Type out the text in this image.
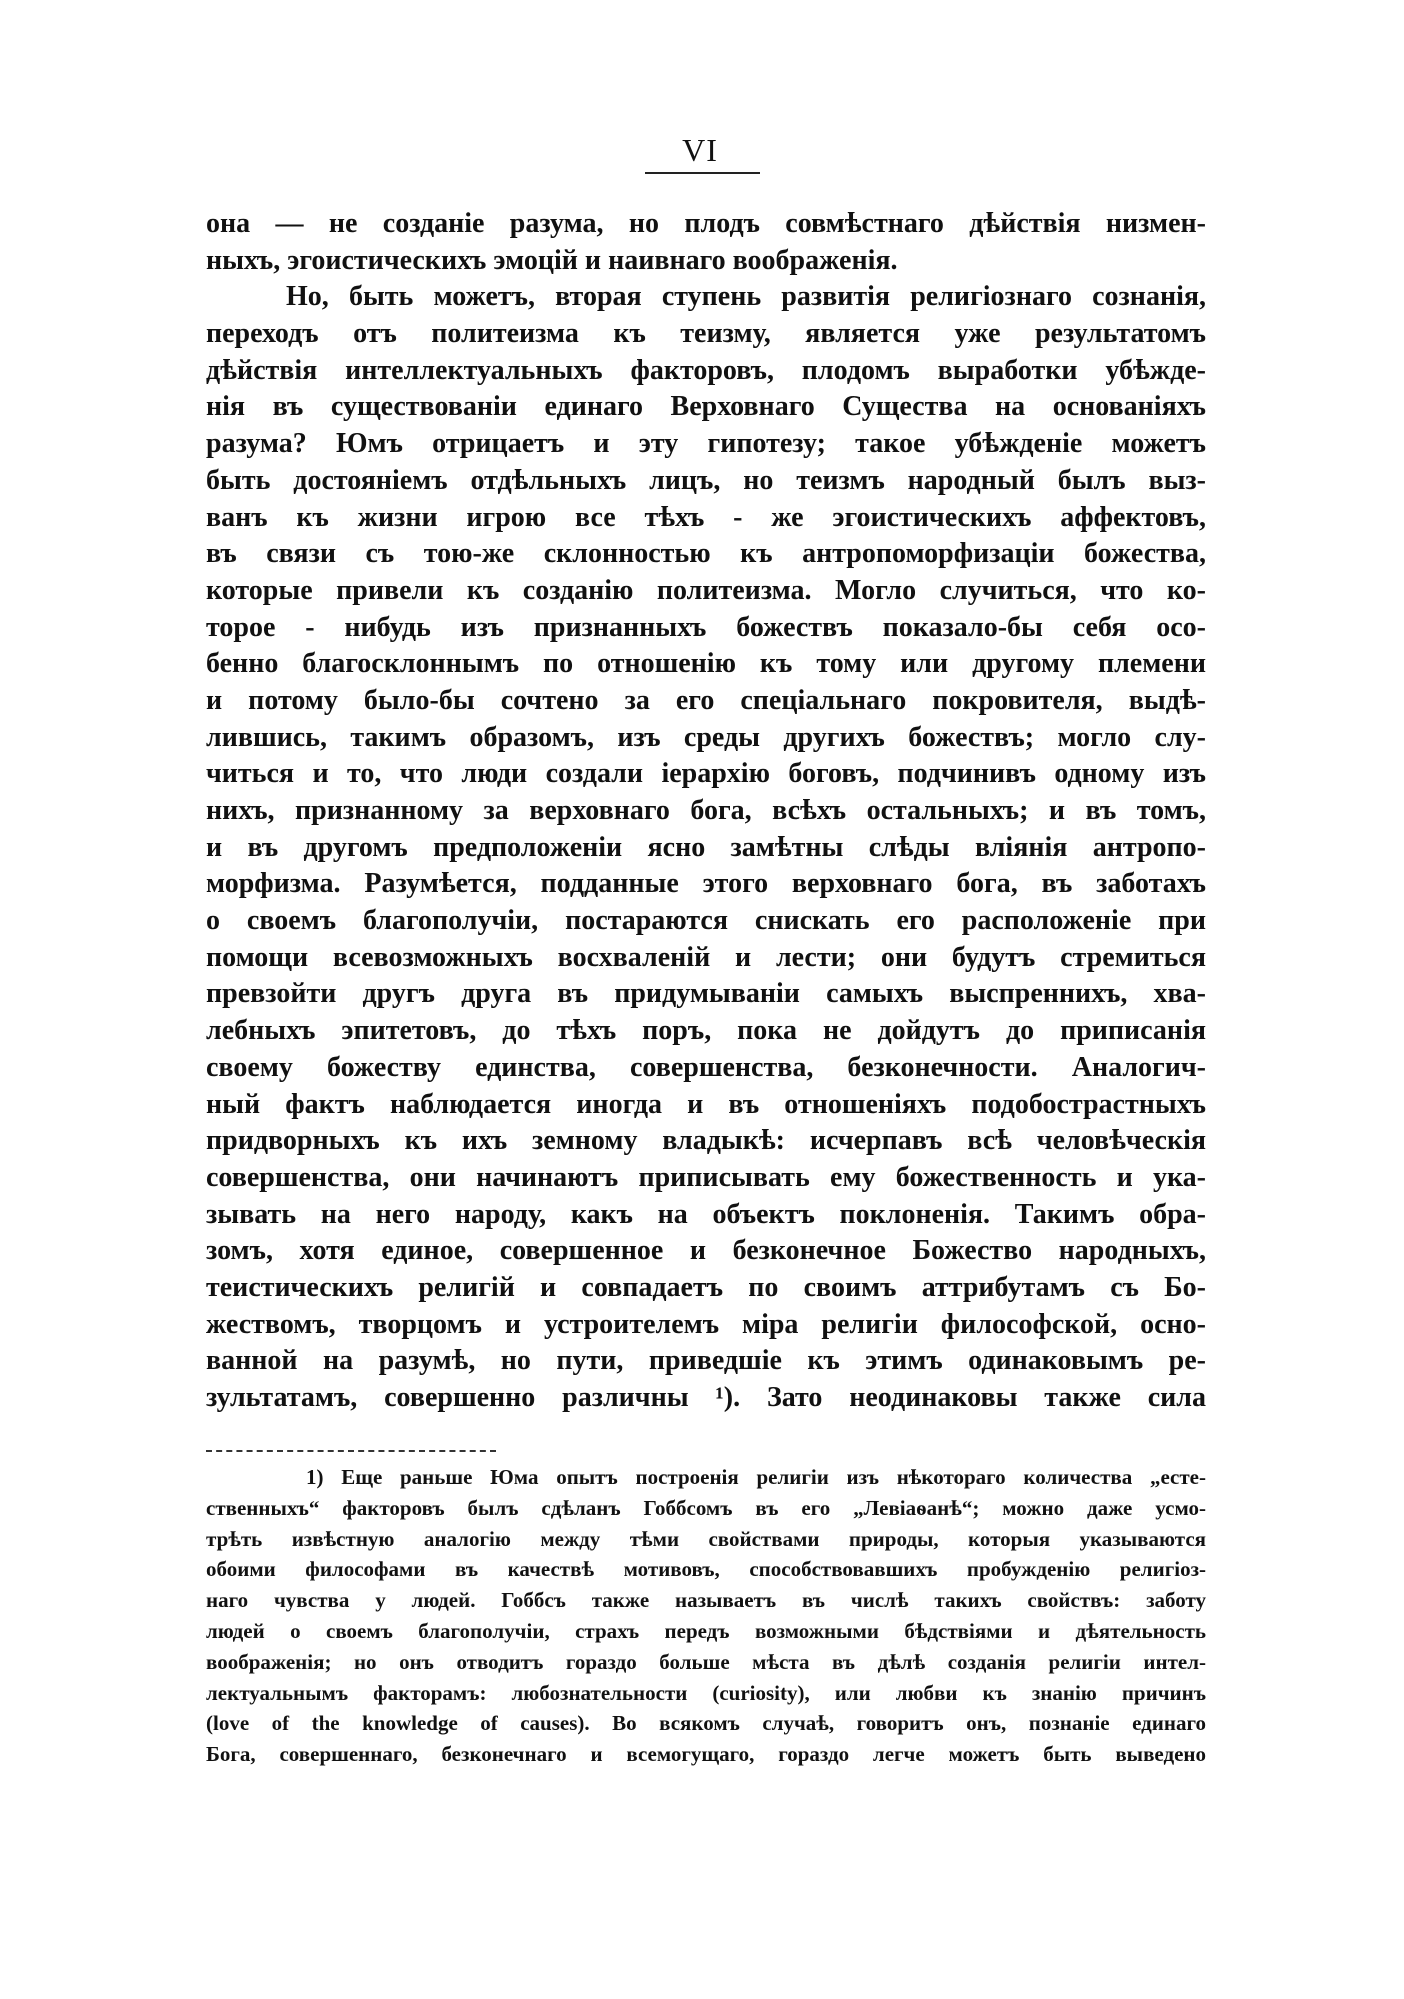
VI
она — не созданіе разума, но плодъ совмѣстнаго дѣйствія низмен-
ныхъ, эгоистическихъ эмоцій и наивнаго воображенія.
Но, быть можетъ, вторая ступень развитія религіознаго сознанія,
переходъ отъ политеизма къ теизму, является уже результатомъ
дѣйствія интеллектуальныхъ факторовъ, плодомъ выработки убѣжде-
нія въ существованіи единаго Верховнаго Существа на основаніяхъ
разума? Юмъ отрицаетъ и эту гипотезу; такое убѣжденіе можетъ
быть достояніемъ отдѣльныхъ лицъ, но теизмъ народный былъ выз-
ванъ къ жизни игрою все тѣхъ - же эгоистическихъ аффектовъ,
въ связи съ тою-же склонностью къ антропоморфизаціи божества,
которые привели къ созданію политеизма. Могло случиться, что ко-
торое - нибудь изъ признанныхъ божествъ показало-бы себя осо-
бенно благосклоннымъ по отношенію къ тому или другому племени
и потому было-бы сочтено за его спеціальнаго покровителя, выдѣ-
лившись, такимъ образомъ, изъ среды другихъ божествъ; могло слу-
читься и то, что люди создали іерархію боговъ, подчинивъ одному изъ
нихъ, признанному за верховнаго бога, всѣхъ остальныхъ; и въ томъ,
и въ другомъ предположеніи ясно замѣтны слѣды вліянія антропо-
морфизма. Разумѣется, подданные этого верховнаго бога, въ заботахъ
о своемъ благополучіи, постараются снискать его расположеніе при
помощи всевозможныхъ восхваленій и лести; они будутъ стремиться
превзойти другъ друга въ придумываніи самыхъ выспреннихъ, хва-
лебныхъ эпитетовъ, до тѣхъ поръ, пока не дойдутъ до приписанія
своему божеству единства, совершенства, безконечности. Аналогич-
ный фактъ наблюдается иногда и въ отношеніяхъ подобострастныхъ
придворныхъ къ ихъ земному владыкѣ: исчерпавъ всѣ человѣческія
совершенства, они начинаютъ приписывать ему божественность и ука-
зывать на него народу, какъ на объектъ поклоненія. Такимъ обра-
зомъ, хотя единое, совершенное и безконечное Божество народныхъ,
теистическихъ религій и совпадаетъ по своимъ аттрибутамъ съ Бо-
жествомъ, творцомъ и устроителемъ міра религіи философской, осно-
ванной на разумѣ, но пути, приведшіе къ этимъ одинаковымъ ре-
зультатамъ, совершенно различны ¹). Зато неодинаковы также сила
1) Еще раньше Юма опытъ построенія религіи изъ нѣкотораго количества „есте-
ственныхъ“ факторовъ былъ сдѣланъ Гоббсомъ въ его „Левіаѳанѣ“; можно даже усмо-
трѣть извѣстную аналогію между тѣми свойствами природы, которыя указываются
обоими философами въ качествѣ мотивовъ, способствовавшихъ пробужденію религіоз-
наго чувства у людей. Гоббсъ также называетъ въ числѣ такихъ свойствъ: заботу
людей о своемъ благополучіи, страхъ передъ возможными бѣдствіями и дѣятельность
воображенія; но онъ отводитъ гораздо больше мѣста въ дѣлѣ созданія религіи интел-
лектуальнымъ факторамъ: любознательности (curiosity), или любви къ знанію причинъ
(love of the knowledge of causes). Во всякомъ случаѣ, говоритъ онъ, познаніе единаго
Бога, совершеннаго, безконечнаго и всемогущаго, гораздо легче можетъ быть выведено
